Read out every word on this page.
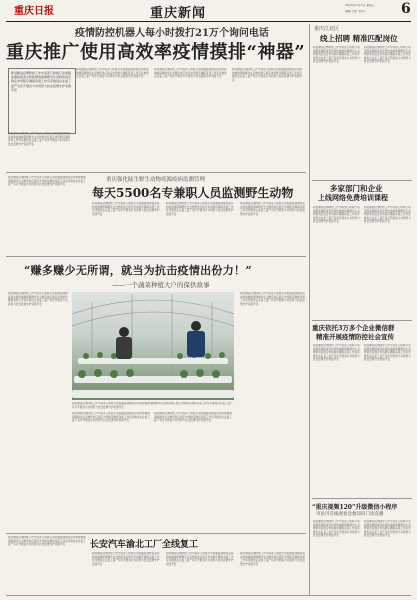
重庆日报	重庆新闻
2020年2月5日 星期三
编辑 设计 校对	6
疫情防控机器人每小时拨打21万个询问电话
重庆推广使用高效率疫情摸排“神器”
新冠肺炎疫情防控工作中各部门积极行动加强监测排查落实防控措施保障群众生活物资供应稳定市场秩序确保各项工作有序推进企业复工复产有序开展各方共同努力抗击疫情守护家园平安
新冠肺炎疫情防控工作中各部门积极行动加强监测排查落实防控措施保障群众生活物资供应稳定市场秩序确保各项工作有序推进企业复工复产有序开展各方共同努力抗击疫情守护家园平安
新冠肺炎疫情防控工作中各部门积极行动加强监测排查落实防控措施保障群众生活物资供应稳定市场秩序确保各项工作有序推进企业复工复产有序开展各方共同努力抗击疫情守护家园平安
新冠肺炎疫情防控工作中各部门积极行动加强监测排查落实防控措施保障群众生活物资供应稳定市场秩序确保各项工作有序推进企业复工复产有序开展各方共同努力抗击疫情守护家园平安
新冠肺炎疫情防控工作中各部门积极行动加强监测排查落实防控措施保障群众生活物资供应稳定市场秩序确保各项工作有序推进企业复工复产有序开展各方共同努力抗击疫情守护家园平安
重庆强化陆生野生动物疫源疫病监测管理
每天5500名专兼职人员监测野生动物
新冠肺炎疫情防控工作中各部门积极行动加强监测排查落实防控措施保障群众生活物资供应稳定市场秩序确保各项工作有序推进企业复工复产有序开展各方共同努力抗击疫情守护家园平安
新冠肺炎疫情防控工作中各部门积极行动加强监测排查落实防控措施保障群众生活物资供应稳定市场秩序确保各项工作有序推进企业复工复产有序开展各方共同努力抗击疫情守护家园平安
新冠肺炎疫情防控工作中各部门积极行动加强监测排查落实防控措施保障群众生活物资供应稳定市场秩序确保各项工作有序推进企业复工复产有序开展各方共同努力抗击疫情守护家园平安
新冠肺炎疫情防控工作中各部门积极行动加强监测排查落实防控措施保障群众生活物资供应稳定市场秩序确保各项工作有序推进企业复工复产有序开展各方共同努力抗击疫情守护家园平安
“赚多赚少无所谓，就当为抗击疫情出份力！”
——一个蔬菜种植大户的保供故事
新冠肺炎疫情防控工作中各部门积极行动加强监测排查落实防控措施保障群众生活物资供应稳定市场秩序确保各项工作有序推进企业复工复产有序开展各方共同努力抗击疫情守护家园平安
新冠肺炎疫情防控工作中各部门积极行动加强监测排查落实防控措施保障群众生活物资供应稳定市场秩序确保各项工作有序推进企业复工复产有序开展各方共同努力抗击疫情守护家园平安
新冠肺炎疫情防控工作中各部门积极行动加强监测排查落实防控措施保障群众生活物资供应稳定市场秩序确保各项工作有序推进企业复工复产有序开展各方共同努力抗击疫情守护家园平安
新冠肺炎疫情防控工作中各部门积极行动加强监测排查落实防控措施保障群众生活物资供应稳定市场秩序确保各项工作有序推进企业复工复产有序开展各方共同努力抗击疫情守护家园平安
新冠肺炎疫情防控工作中各部门积极行动加强监测排查落实防控措施保障群众生活物资供应稳定市场秩序确保各项工作有序推进企业复工复产有序开展各方共同努力抗击疫情守护家园平安
长安汽车渝北工厂全线复工
新冠肺炎疫情防控工作中各部门积极行动加强监测排查落实防控措施保障群众生活物资供应稳定市场秩序确保各项工作有序推进企业复工复产有序开展各方共同努力抗击疫情守护家园平安
新冠肺炎疫情防控工作中各部门积极行动加强监测排查落实防控措施保障群众生活物资供应稳定市场秩序确保各项工作有序推进企业复工复产有序开展各方共同努力抗击疫情守护家园平安
新冠肺炎疫情防控工作中各部门积极行动加强监测排查落实防控措施保障群众生活物资供应稳定市场秩序确保各项工作有序推进企业复工复产有序开展各方共同努力抗击疫情守护家园平安
新冠肺炎疫情防控工作中各部门积极行动加强监测排查落实防控措施保障群众生活物资供应稳定市场秩序确保各项工作有序推进企业复工复产有序开展各方共同努力抗击疫情守护家园平安
重庆江北区
线上招聘 精准匹配岗位
新冠肺炎疫情防控工作中各部门积极行动加强监测排查落实防控措施保障群众生活物资供应稳定市场秩序确保各项工作有序推进企业复工复产有序开展各方共同努力抗击疫情守护家园平安
新冠肺炎疫情防控工作中各部门积极行动加强监测排查落实防控措施保障群众生活物资供应稳定市场秩序确保各项工作有序推进企业复工复产有序开展各方共同努力抗击疫情守护家园平安
多家部门和企业
上线网络免费培训课程
新冠肺炎疫情防控工作中各部门积极行动加强监测排查落实防控措施保障群众生活物资供应稳定市场秩序确保各项工作有序推进企业复工复产有序开展各方共同努力抗击疫情守护家园平安
新冠肺炎疫情防控工作中各部门积极行动加强监测排查落实防控措施保障群众生活物资供应稳定市场秩序确保各项工作有序推进企业复工复产有序开展各方共同努力抗击疫情守护家园平安
重庆依托3万多个企业微信群
精准开展疫情防控社会宣传
新冠肺炎疫情防控工作中各部门积极行动加强监测排查落实防控措施保障群众生活物资供应稳定市场秩序确保各项工作有序推进企业复工复产有序开展各方共同努力抗击疫情守护家园平安
新冠肺炎疫情防控工作中各部门积极行动加强监测排查落实防控措施保障群众生活物资供应稳定市场秩序确保各项工作有序推进企业复工复产有序开展各方共同努力抗击疫情守护家园平安
“重庆视频120”升级微信小程序
市民可在线观看急救知识门诊直播
新冠肺炎疫情防控工作中各部门积极行动加强监测排查落实防控措施保障群众生活物资供应稳定市场秩序确保各项工作有序推进企业复工复产有序开展各方共同努力抗击疫情守护家园平安
新冠肺炎疫情防控工作中各部门积极行动加强监测排查落实防控措施保障群众生活物资供应稳定市场秩序确保各项工作有序推进企业复工复产有序开展各方共同努力抗击疫情守护家园平安
